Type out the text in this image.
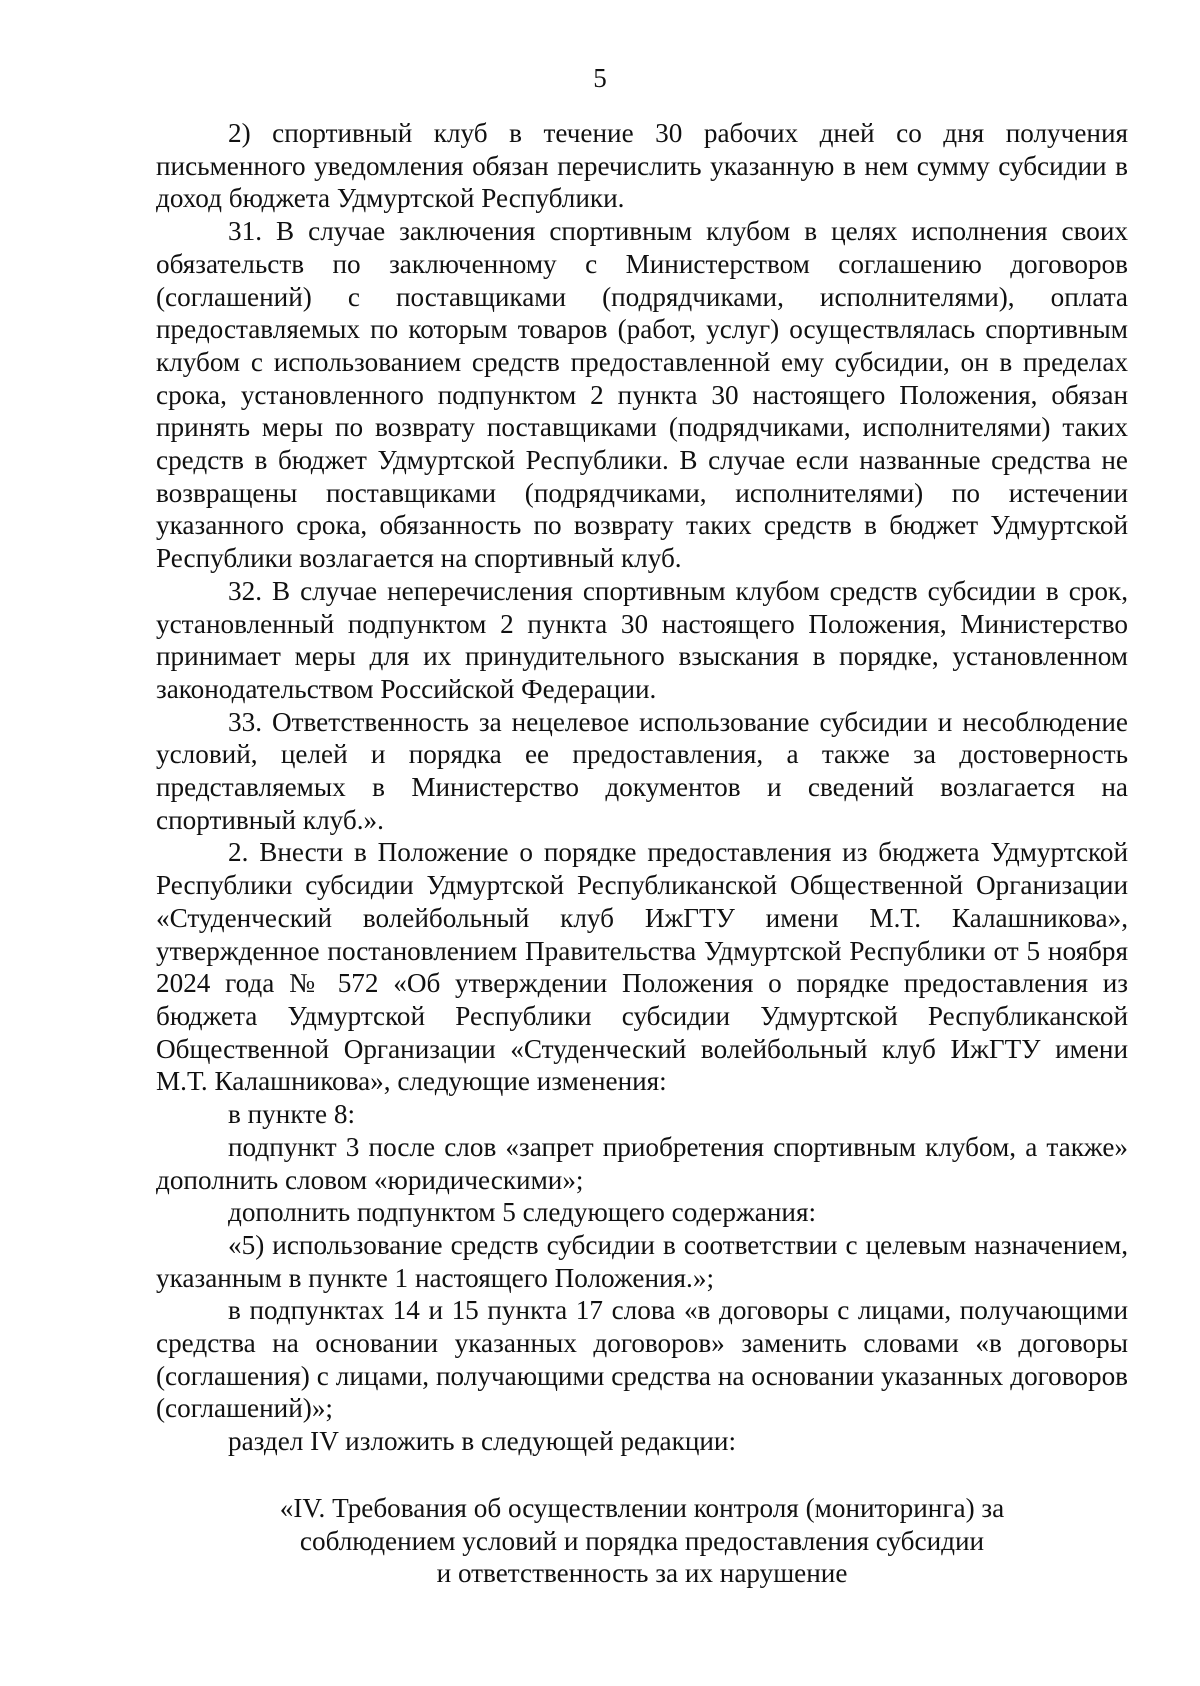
5

2) спортивный клуб в течение 30 рабочих дней со дня получения письменного уведомления обязан перечислить указанную в нем сумму субсидии в доход бюджета Удмуртской Республики.

31. В случае заключения спортивным клубом в целях исполнения своих обязательств по заключенному с Министерством соглашению договоров (соглашений) с поставщиками (подрядчиками, исполнителями), оплата предоставляемых по которым товаров (работ, услуг) осуществлялась спортивным клубом с использованием средств предоставленной ему субсидии, он в пределах срока, установленного подпунктом 2 пункта 30 настоящего Положения, обязан принять меры по возврату поставщиками (подрядчиками, исполнителями) таких средств в бюджет Удмуртской Республики. В случае если названные средства не возвращены поставщиками (подрядчиками, исполнителями) по истечении указанного срока, обязанность по возврату таких средств в бюджет Удмуртской Республики возлагается на спортивный клуб.

32. В случае неперечисления спортивным клубом средств субсидии в срок, установленный подпунктом 2 пункта 30 настоящего Положения, Министерство принимает меры для их принудительного взыскания в порядке, установленном законодательством Российской Федерации.

33. Ответственность за нецелевое использование субсидии и несоблюдение условий, целей и порядка ее предоставления, а также за достоверность представляемых в Министерство документов и сведений возлагается на спортивный клуб.».

2. Внести в Положение о порядке предоставления из бюджета Удмуртской Республики субсидии Удмуртской Республиканской Общественной Организации «Студенческий волейбольный клуб ИжГТУ имени М.Т. Калашникова», утвержденное постановлением Правительства Удмуртской Республики от 5 ноября 2024 года № 572 «Об утверждении Положения о порядке предоставления из бюджета Удмуртской Республики субсидии Удмуртской Республиканской Общественной Организации «Студенческий волейбольный клуб ИжГТУ имени М.Т. Калашникова», следующие изменения:

в пункте 8:

подпункт 3 после слов «запрет приобретения спортивным клубом, а также» дополнить словом «юридическими»;

дополнить подпунктом 5 следующего содержания:

«5) использование средств субсидии в соответствии с целевым назначением, указанным в пункте 1 настоящего Положения.»;

в подпунктах 14 и 15 пункта 17 слова «в договоры с лицами, получающими средства на основании указанных договоров» заменить словами «в договоры (соглашения) с лицами, получающими средства на основании указанных договоров (соглашений)»;

раздел IV изложить в следующей редакции:

«IV. Требования об осуществлении контроля (мониторинга) за
соблюдением условий и порядка предоставления субсидии
и ответственность за их нарушение
